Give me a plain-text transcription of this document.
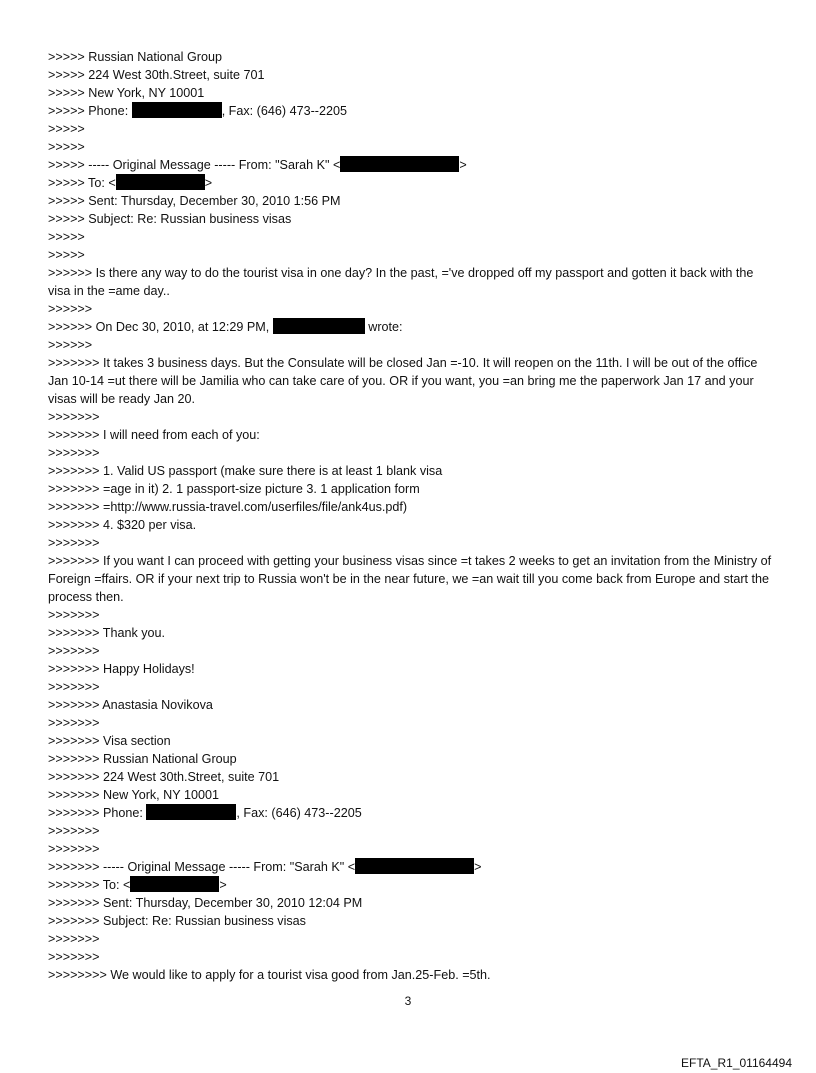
>>>>> Russian National Group
>>>>> 224 West 30th.Street, suite 701
>>>>> New York, NY 10001
>>>>> Phone:	, Fax: (646) 473--2205
>>>>>
>>>>>
>>>>> ----- Original Message ----- From: "Sarah K" <	>
>>>>> To: <	>
>>>>> Sent: Thursday, December 30, 2010 1:56 PM
>>>>> Subject: Re: Russian business visas
>>>>>
>>>>>
>>>>>> Is there any way to do the tourist visa in one day? In the past, ='ve dropped off my passport and gotten it back with the visa in the =ame day..
>>>>>>
>>>>>> On Dec 30, 2010, at 12:29 PM,	wrote:
>>>>>>
>>>>>>> It takes 3 business days. But the Consulate will be closed Jan =-10. It will reopen on the 11th. I will be out of the office Jan 10-14 =ut there will be Jamilia who can take care of you. OR if you want, you =an bring me the paperwork Jan 17 and your visas will be ready Jan 20.
>>>>>>>
>>>>>>> I will need from each of you:
>>>>>>>
>>>>>>> 1. Valid US passport (make sure there is at least 1 blank visa
>>>>>>> =age in it) 2. 1 passport-size picture 3. 1 application form
>>>>>>> =http://www.russia-travel.com/userfiles/file/ank4us.pdf)
>>>>>>> 4. $320 per visa.
>>>>>>>
>>>>>>> If you want I can proceed with getting your business visas since =t takes 2 weeks to get an invitation from the Ministry of Foreign =ffairs. OR if your next trip to Russia won't be in the near future, we =an wait till you come back from Europe and start the process then.
>>>>>>>
>>>>>>> Thank you.
>>>>>>>
>>>>>>> Happy Holidays!
>>>>>>>
>>>>>>> Anastasia Novikova
>>>>>>>
>>>>>>> Visa section
>>>>>>> Russian National Group
>>>>>>> 224 West 30th.Street, suite 701
>>>>>>> New York, NY 10001
>>>>>>> Phone:	, Fax: (646) 473--2205
>>>>>>>
>>>>>>>
>>>>>>> ----- Original Message ----- From: "Sarah K" <	>
>>>>>>> To: <	>
>>>>>>> Sent: Thursday, December 30, 2010 12:04 PM
>>>>>>> Subject: Re: Russian business visas
>>>>>>>
>>>>>>>
>>>>>>>> We would like to apply for a tourist visa good from Jan.25-Feb. =5th.
3
EFTA_R1_01164494
